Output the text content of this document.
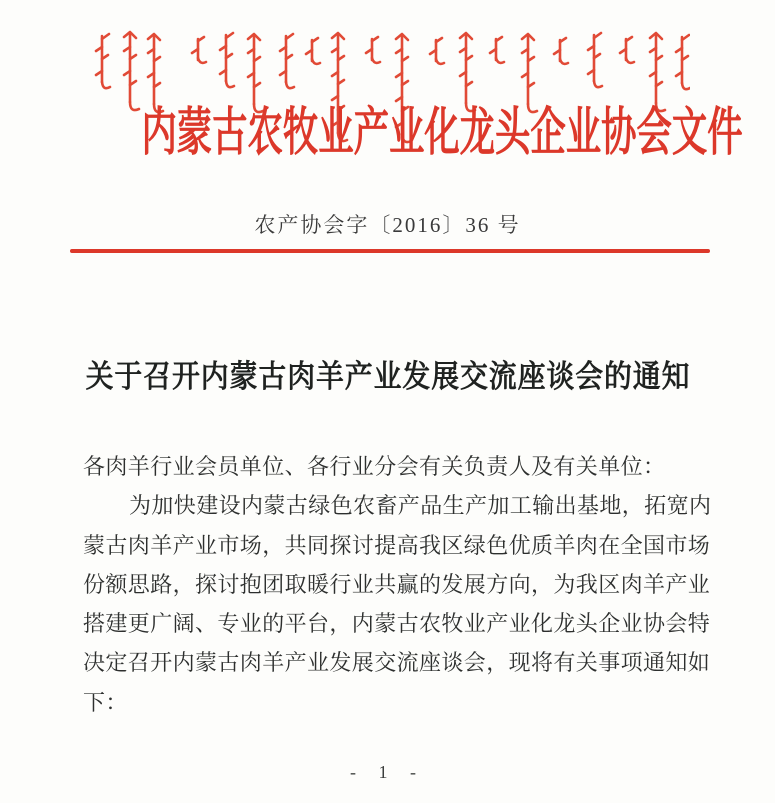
内蒙古农牧业产业化龙头企业协会文件
农产协会字〔2016〕36 号
关于召开内蒙古肉羊产业发展交流座谈会的通知
各肉羊行业会员单位、各行业分会有关负责人及有关单位：
为加快建设内蒙古绿色农畜产品生产加工输出基地，拓宽内
蒙古肉羊产业市场，共同探讨提高我区绿色优质羊肉在全国市场
份额思路，探讨抱团取暖行业共赢的发展方向，为我区肉羊产业
搭建更广阔、专业的平台，内蒙古农牧业产业化龙头企业协会特
决定召开内蒙古肉羊产业发展交流座谈会，现将有关事项通知如
下：
- 1 -
